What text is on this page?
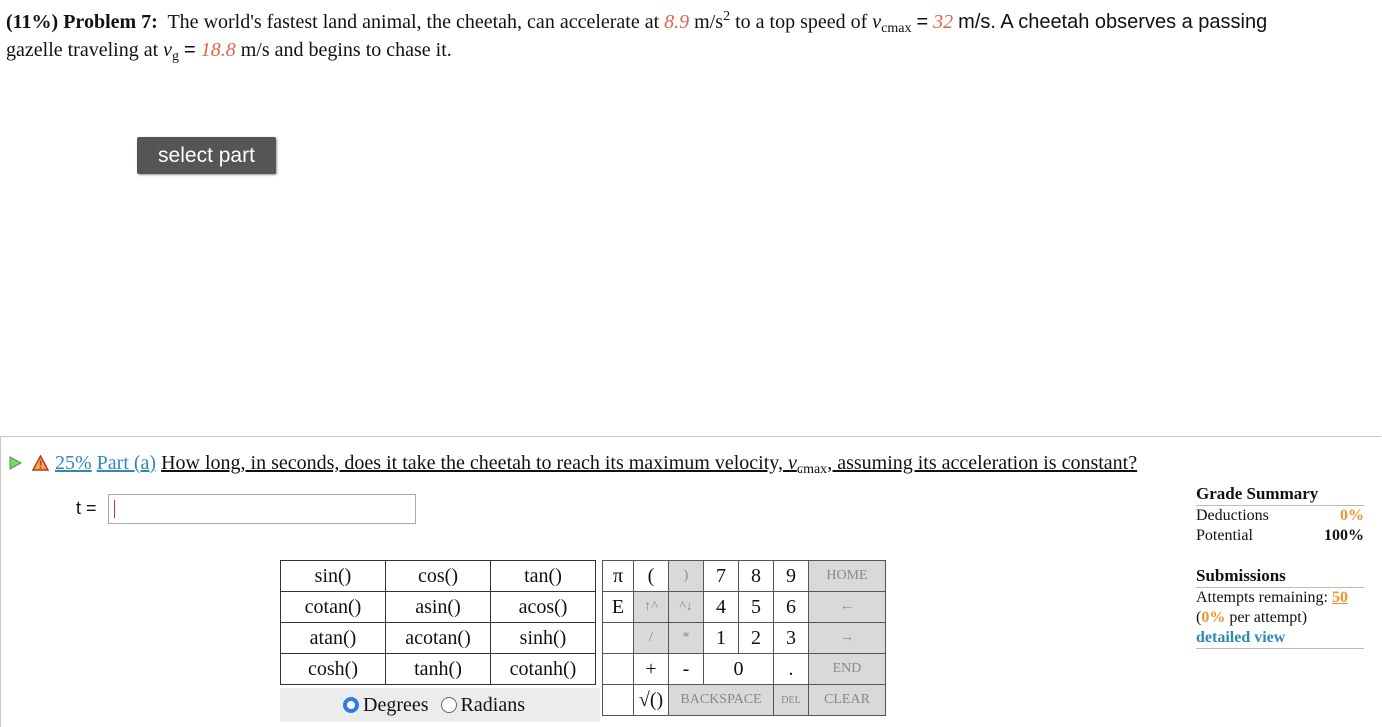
(11%) Problem 7: The world's fastest land animal, the cheetah, can accelerate at 8.9 $m/s^2$ to a top speed of $v_{cmax} = 32$ m/s. A cheetah observes a passing
gazelle traveling at $v_g = 18.8$ m/s and begins to chase it.
select part
25%
Part (a)
How long, in seconds, does it take the cheetah to reach its maximum velocity, $v_{cmax}$, assuming its acceleration is constant?
t =
Grade Summary
Deductions	0%
Potential	100%
Submissions
Attempts remaining: 50
(0% per attempt)
detailed view
sin()	cos()	tan()
cotan()	asin()	acos()
atan()	acotan()	sinh()
cosh()	tanh()	cotanh()
Degrees Radians
π	(	)	7	8	9	HOME
E	↑^	^↓	4	5	6	←
	/	*	1	2	3	→
	+	-	0		.	END
	√()	BACKSPACE			DEL	CLEAR
